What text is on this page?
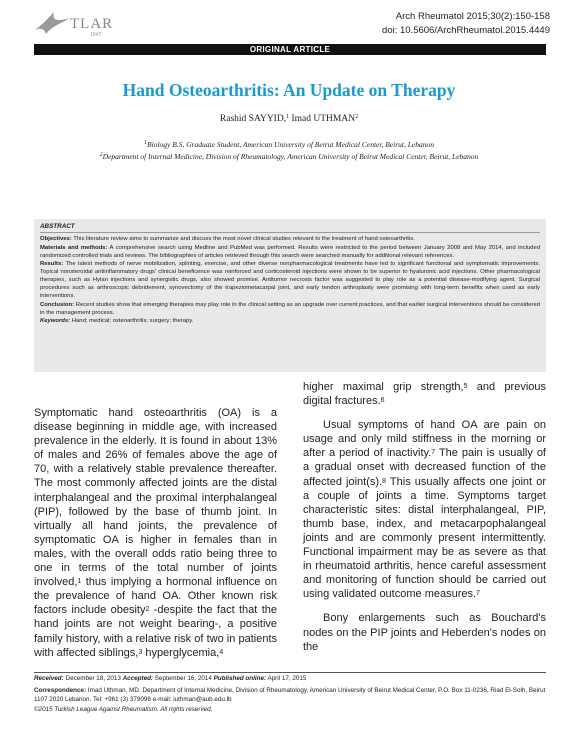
TLAR
1947
Arch Rheumatol 2015;30(2):150-158
doi: 10.5606/ArchRheumatol.2015.4449
ORIGINAL ARTICLE
Hand Osteoarthritis: An Update on Therapy
Rashid SAYYID,$^1$ Imad UTHMAN$^2$
$^1$Biology B.S, Graduate Student, American University of Beirut Medical Center, Beirut, Lebanon
$^2$Department of Internal Medicine, Division of Rheumatology, American University of Beirut Medical Center, Beirut, Lebanon
ABSTRACT

Objectives: This literature review aims to summarize and discuss the most novel clinical studies relevant to the treatment of hand osteoarthritis.

Materials and methods: A comprehensive search using Medline and PubMed was performed. Results were restricted to the period between January 2008 and May 2014, and included randomized controlled trials and reviews. The bibliographies of articles retrieved through this search were searched manually for additional relevant references.

Results: The latest methods of nerve mobilization, splinting, exercise, and other diverse nonpharmacological treatments have led to significant functional and symptomatic improvements. Topical nonsteroidal antiinflammatory drugs' clinical beneficence was reinforced and corticosteroid injections were shown to be superior to hyaluronic acid injections. Other pharmacological therapies, such as Hylan injections and synergistic drugs, also showed promise. Antitumor necrosis factor was suggested to play role as a potential disease-modifying agent. Surgical procedures such as arthroscopic debridement, synovectomy of the trapeziometacarpal joint, and early tendon arthroplasty were promising with long-term benefits when used as early interventions.

Conclusion: Recent studies show that emerging therapies may play role in the clinical setting as an upgrade over current practices, and that earlier surgical interventions should be considered in the management process.

Keywords: Hand; medical; osteoarthritis; surgery; therapy.

Symptomatic hand osteoarthritis (OA) is a disease beginning in middle age, with increased prevalence in the elderly. It is found in about 13% of males and 26% of females above the age of 70, with a relatively stable prevalence thereafter. The most commonly affected joints are the distal interphalangeal and the proximal interphalangeal (PIP), followed by the base of thumb joint. In virtually all hand joints, the prevalence of symptomatic OA is higher in females than in males, with the overall odds ratio being three to one in terms of the total number of joints involved,$^1$ thus implying a hormonal influence on the prevalence of hand OA. Other known risk factors include obesity$^2$ -despite the fact that the hand joints are not weight bearing-, a positive family history, with a relative risk of two in patients with affected siblings,$^3$ hyperglycemia,$^4$

higher maximal grip strength,$^5$ and previous digital fractures.$^6$

Usual symptoms of hand OA are pain on usage and only mild stiffness in the morning or after a period of inactivity.$^7$ The pain is usually of a gradual onset with decreased function of the affected joint(s).$^8$ This usually affects one joint or a couple of joints a time. Symptoms target characteristic sites: distal interphalangeal, PIP, thumb base, index, and metacarpophalangeal joints and are commonly present intermittently. Functional impairment may be as severe as that in rheumatoid arthritis, hence careful assessment and monitoring of function should be carried out using validated outcome measures.$^7$

Bony enlargements such as Bouchard's nodes on the PIP joints and Heberden's nodes on the

Received: December 18, 2013 Accepted: September 16, 2014 Published online: April 17, 2015
Correspondence: Imad Uthman, MD. Department of Internal Medicine, Division of Rheumatology, American University of Beirut Medical Center, P.O. Box 11-0236, Riad El-Solh, Beirut 1107 2020 Lebanon. Tel: +961 (3) 379098 e-mail: iuthman@aub.edu.lb
©2015 Turkish League Against Rheumatism. All rights reserved.
